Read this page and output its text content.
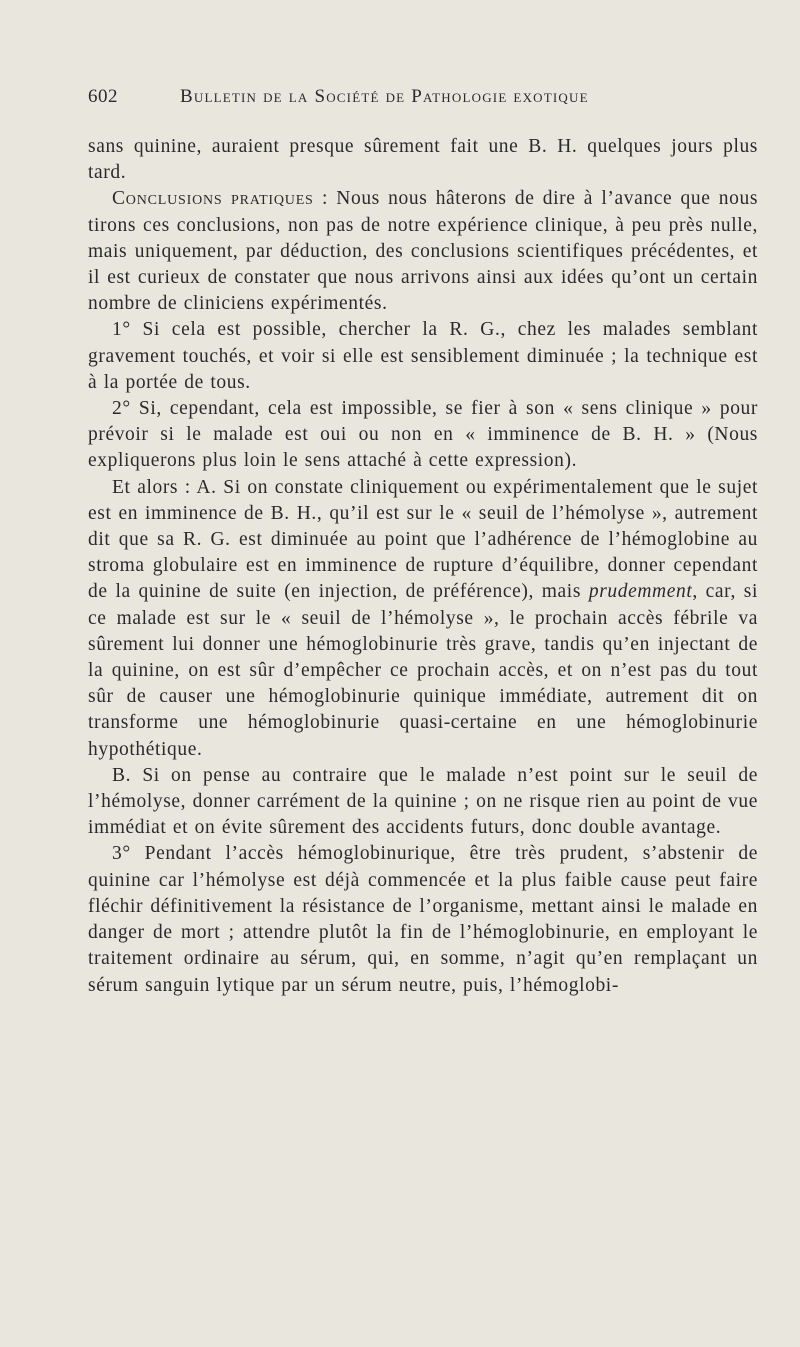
602	Bulletin de la Société de Pathologie exotique

sans quinine, auraient presque sûrement fait une B. H. quelques jours plus tard.

Conclusions pratiques : Nous nous hâterons de dire à l’avance que nous tirons ces conclusions, non pas de notre expérience clinique, à peu près nulle, mais uniquement, par déduction, des conclusions scientifiques précédentes, et il est curieux de constater que nous arrivons ainsi aux idées qu’ont un certain nombre de cliniciens expérimentés.

1° Si cela est possible, chercher la R. G., chez les malades semblant gravement touchés, et voir si elle est sensiblement diminuée ; la technique est à la portée de tous.

2° Si, cependant, cela est impossible, se fier à son « sens clinique » pour prévoir si le malade est oui ou non en « imminence de B. H. » (Nous expliquerons plus loin le sens attaché à cette expression).

Et alors : A. Si on constate cliniquement ou expérimentalement que le sujet est en imminence de B. H., qu’il est sur le « seuil de l’hémolyse », autrement dit que sa R. G. est diminuée au point que l’adhérence de l’hémoglobine au stroma globulaire est en imminence de rupture d’équilibre, donner cependant de la quinine de suite (en injection, de préférence), mais prudemment, car, si ce malade est sur le « seuil de l’hémolyse », le prochain accès fébrile va sûrement lui donner une hémoglobinurie très grave, tandis qu’en injectant de la quinine, on est sûr d’empêcher ce prochain accès, et on n’est pas du tout sûr de causer une hémoglobinurie quinique immédiate, autrement dit on transforme une hémoglobinurie quasi-certaine en une hémoglobinurie hypothétique.

B. Si on pense au contraire que le malade n’est point sur le seuil de l’hémolyse, donner carrément de la quinine ; on ne risque rien au point de vue immédiat et on évite sûrement des accidents futurs, donc double avantage.

3° Pendant l’accès hémoglobinurique, être très prudent, s’abstenir de quinine car l’hémolyse est déjà commencée et la plus faible cause peut faire fléchir définitivement la résistance de l’organisme, mettant ainsi le malade en danger de mort ; attendre plutôt la fin de l’hémoglobinurie, en employant le traitement ordinaire au sérum, qui, en somme, n’agit qu’en remplaçant un sérum sanguin lytique par un sérum neutre, puis, l’hémoglobi-
